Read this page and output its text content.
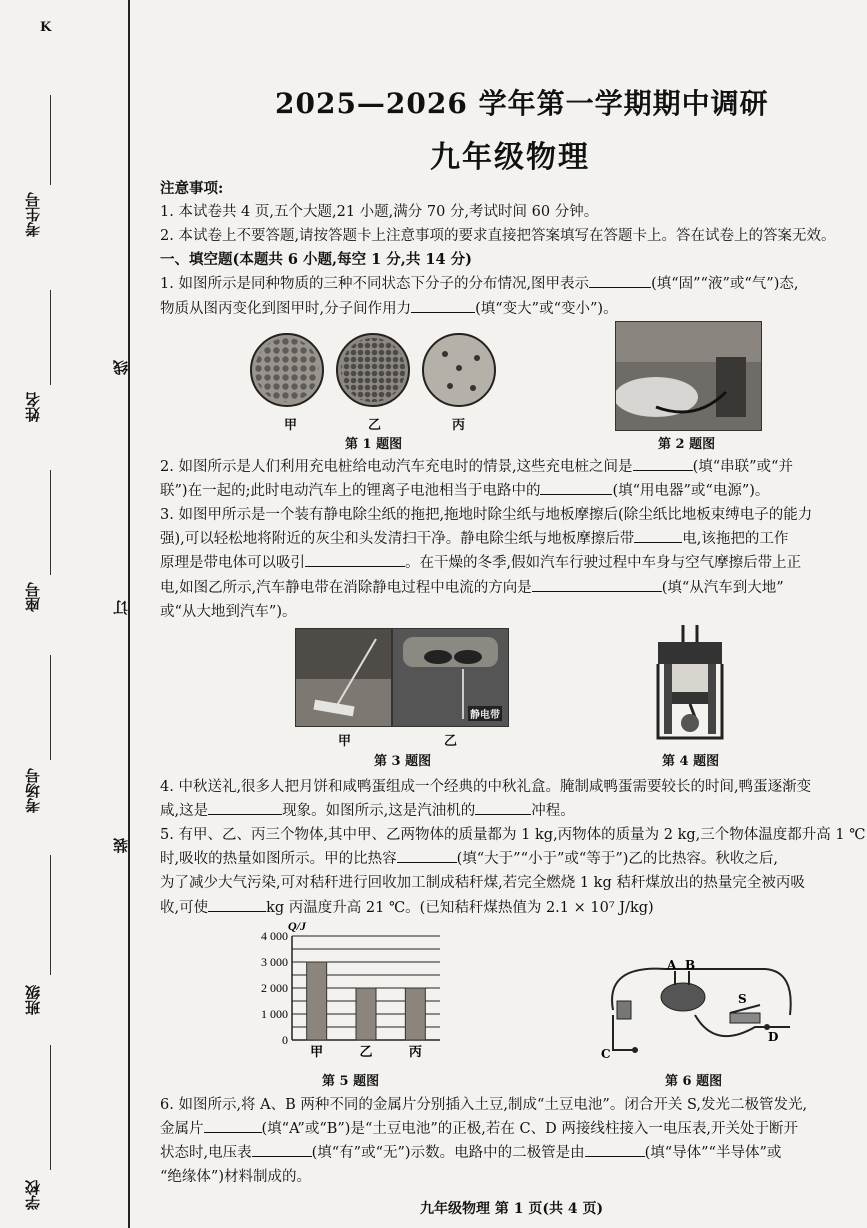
K
考生号
姓名
座号
考场号
班级
学校
线
订
装
2025—2026 学年第一学期期中调研
九年级物理
注意事项:
1. 本试卷共 4 页,五个大题,21 小题,满分 70 分,考试时间 60 分钟。
2. 本试卷上不要答题,请按答题卡上注意事项的要求直接把答案填写在答题卡上。答在试卷上的答案无效。
一、填空题(本题共 6 小题,每空 1 分,共 14 分)
1. 如图所示是同种物质的三种不同状态下分子的分布情况,图甲表示	(填“固”“液”或“气”)态,
物质从图丙变化到图甲时,分子间作用力	(填“变大”或“变小”)。
甲	乙	丙
第 1 题图	第 2 题图
2. 如图所示是人们利用充电桩给电动汽车充电时的情景,这些充电桩之间是	(填“串联”或“并
联”)在一起的;此时电动汽车上的锂离子电池相当于电路中的	(填“用电器”或“电源”)。
3. 如图甲所示是一个装有静电除尘纸的拖把,拖地时除尘纸与地板摩擦后(除尘纸比地板束缚电子的能力
强),可以轻松地将附近的灰尘和头发清扫干净。静电除尘纸与地板摩擦后带	电,该拖把的工作
原理是带电体可以吸引	。在干燥的冬季,假如汽车行驶过程中车身与空气摩擦后带上正
电,如图乙所示,汽车静电带在消除静电过程中电流的方向是	(填“从汽车到大地”
或“从大地到汽车”)。
静电带
甲	乙
第 3 题图	第 4 题图
4. 中秋送礼,很多人把月饼和咸鸭蛋组成一个经典的中秋礼盒。腌制咸鸭蛋需要较长的时间,鸭蛋逐渐变
咸,这是	现象。如图所示,这是汽油机的	冲程。
5. 有甲、乙、丙三个物体,其中甲、乙两物体的质量都为 1 kg,丙物体的质量为 2 kg,三个物体温度都升高 1 ℃
时,吸收的热量如图所示。甲的比热容	(填“大于”“小于”或“等于”)乙的比热容。秋收之后,
为了减少大气污染,可对秸秆进行回收加工制成秸秆煤,若完全燃烧 1 kg 秸秆煤放出的热量完全被丙吸
收,可使	kg 丙温度升高 21 ℃。(已知秸秆煤热值为 2.1 × 10⁷ J/kg)
Q/J
4 000
3 000
2 000
1 000
0
甲	乙	丙
第 5 题图
A B
S
C
D
第 6 题图
6. 如图所示,将 A、B 两种不同的金属片分别插入土豆,制成“土豆电池”。闭合开关 S,发光二极管发光,
金属片	(填“A”或“B”)是“土豆电池”的正极,若在 C、D 两接线柱接入一电压表,开关处于断开
状态时,电压表	(填“有”或“无”)示数。电路中的二极管是由	(填“导体”“半导体”或
“绝缘体”)材料制成的。
九年级物理 第 1 页(共 4 页)
